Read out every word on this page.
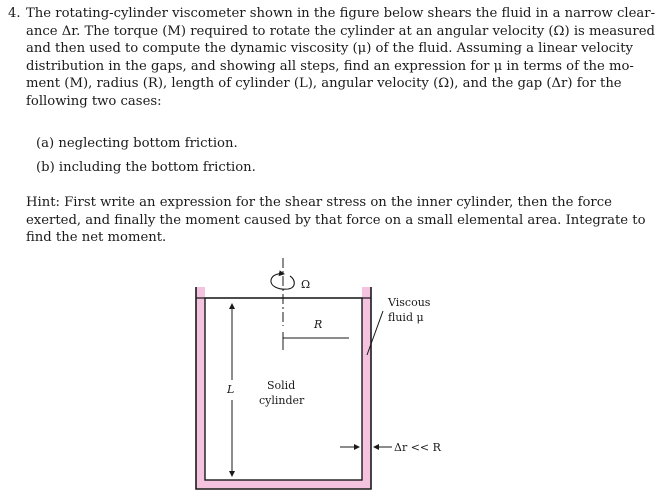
4. The rotating-cylinder viscometer shown in the figure below shears the fluid in a narrow clear-
ance Δr. The torque (M) required to rotate the cylinder at an angular velocity (Ω) is measured
and then used to compute the dynamic viscosity (μ) of the fluid. Assuming a linear velocity
distribution in the gaps, and showing all steps, find an expression for μ in terms of the mo-
ment (M), radius (R), length of cylinder (L), angular velocity (Ω), and the gap (Δr) for the
following two cases:
(a) neglecting bottom friction.
(b) including the bottom friction.
Hint: First write an expression for the shear stress on the inner cylinder, then the force
exerted, and finally the moment caused by that force on a small elemental area. Integrate to
find the net moment.
Ω
R
L	Solid
cylinder
Viscous
fluid μ
Δr << R
